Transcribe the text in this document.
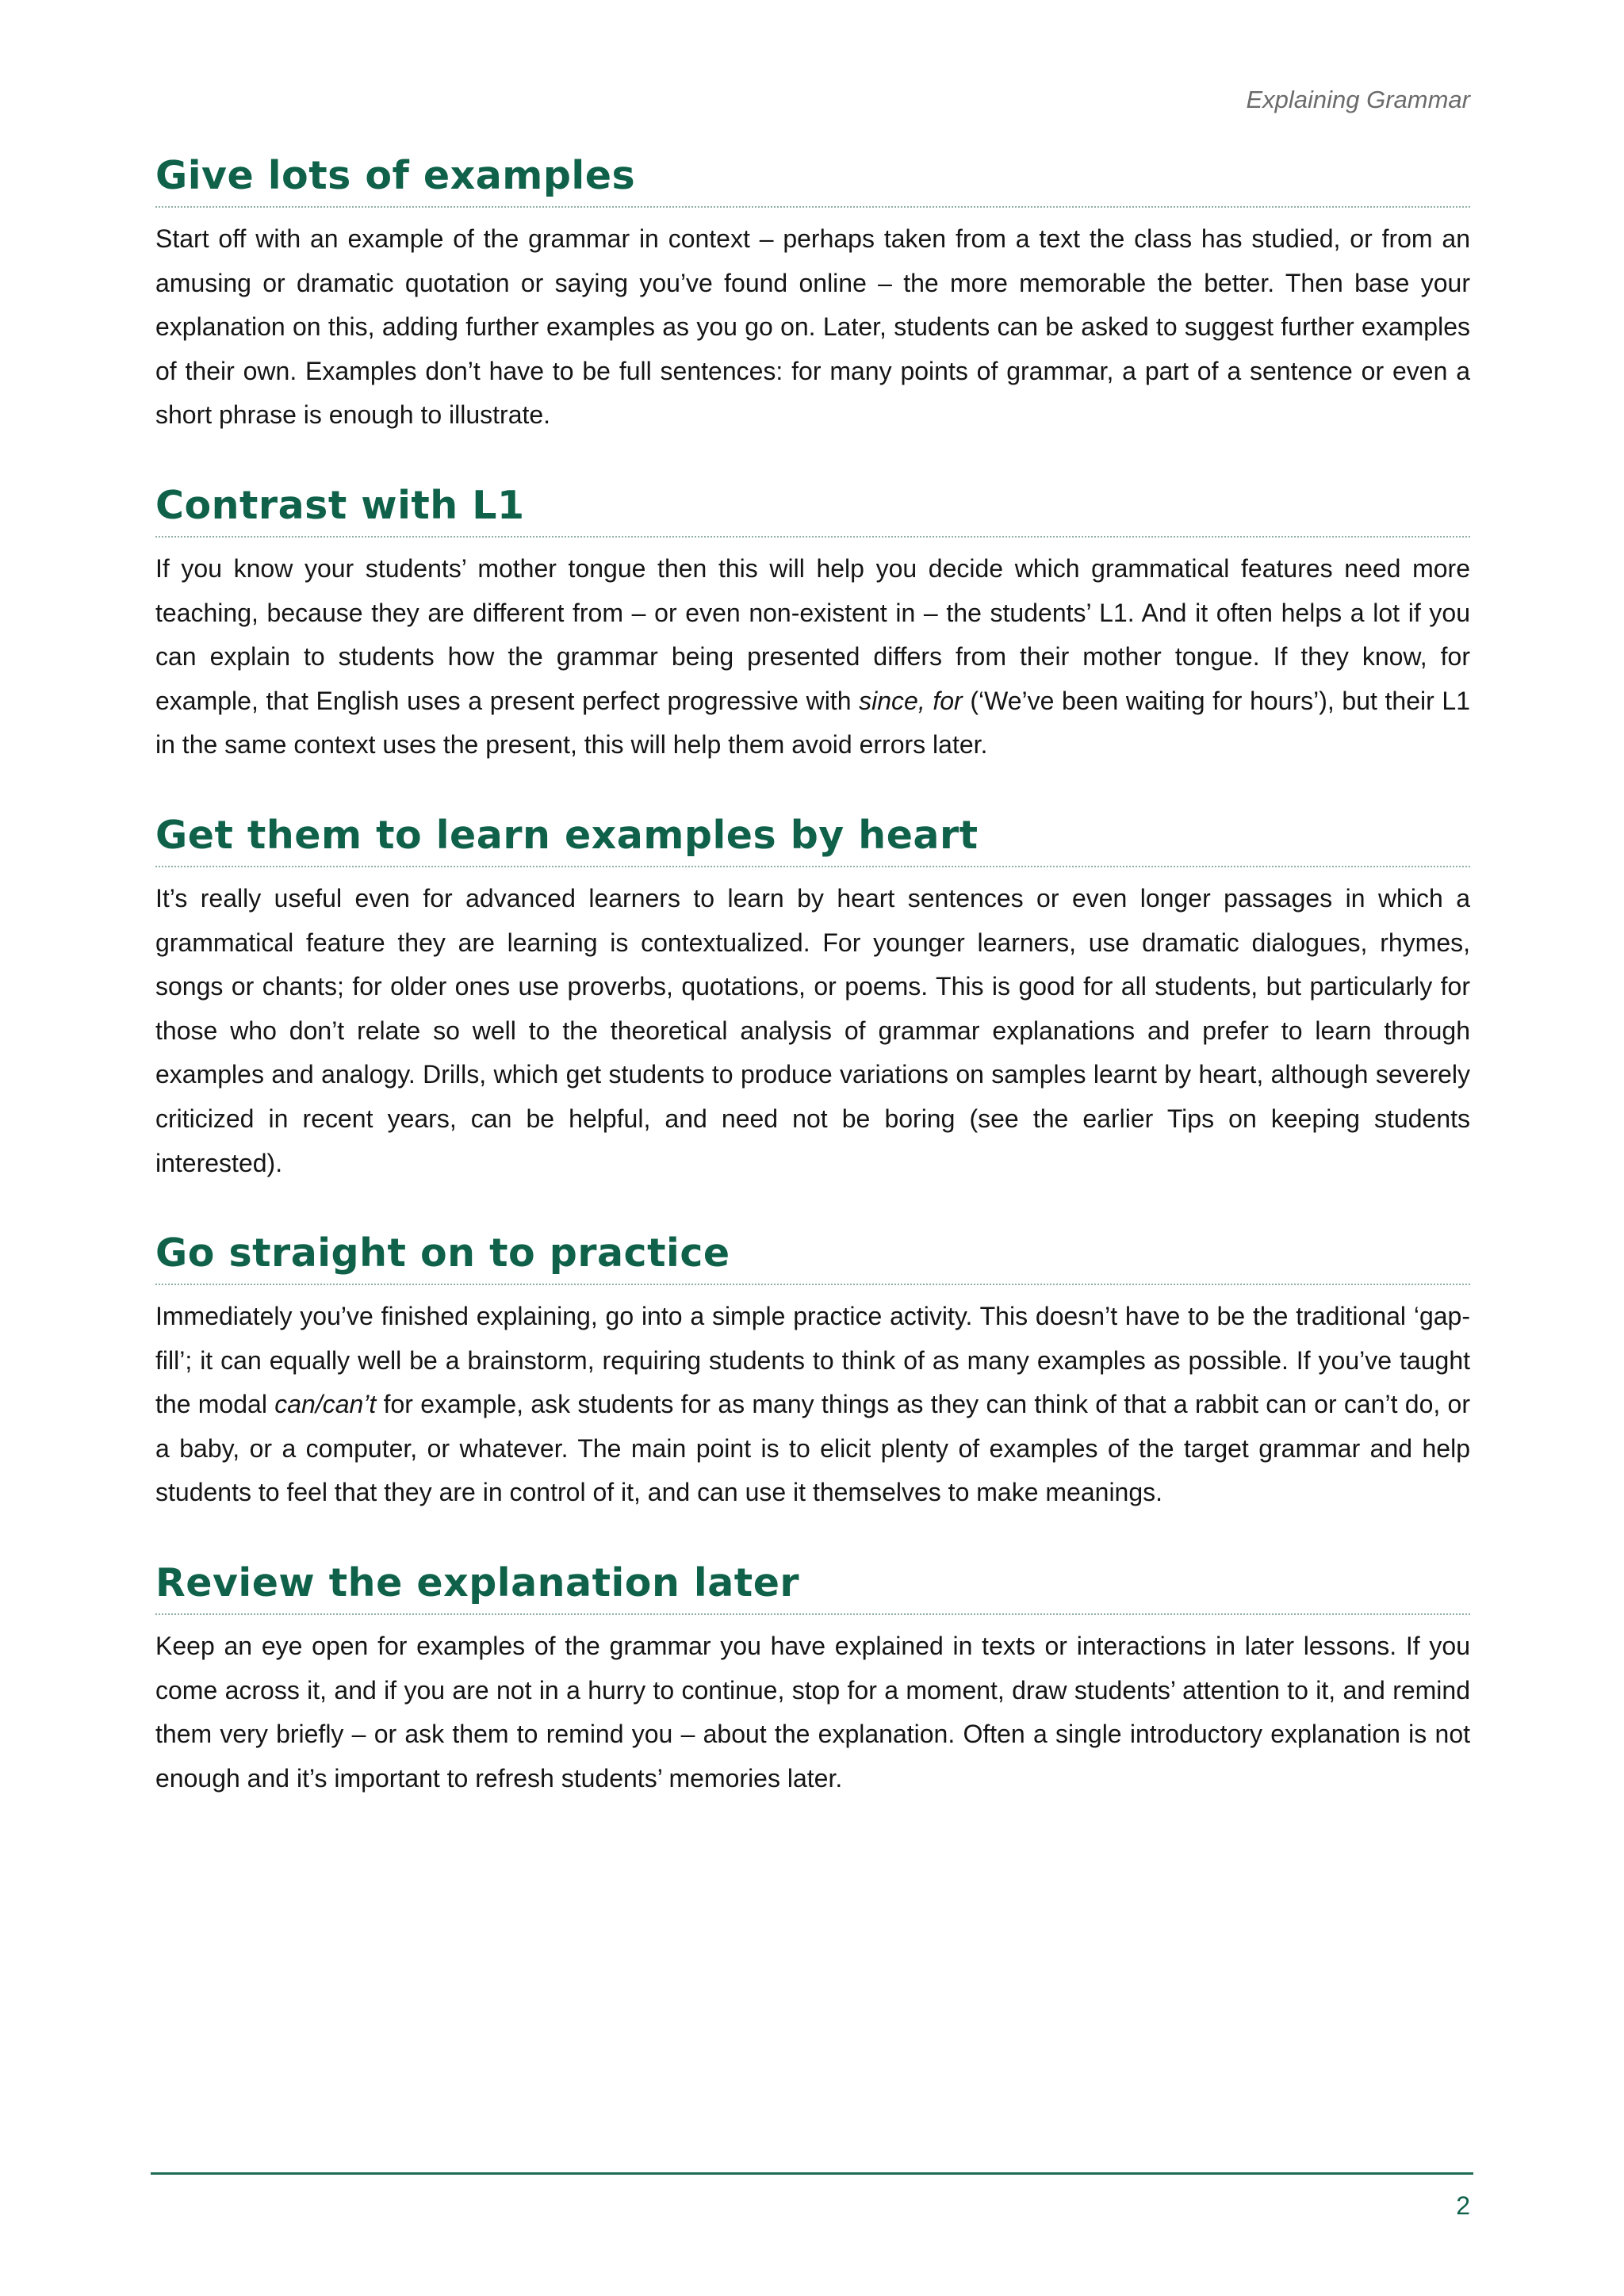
Explaining Grammar
Give lots of examples

Start off with an example of the grammar in context – perhaps taken from a text the class has studied, or from an amusing or dramatic quotation or saying you’ve found online – the more memorable the better. Then base your explanation on this, adding further examples as you go on. Later, students can be asked to suggest further examples of their own. Examples don’t have to be full sentences: for many points of grammar, a part of a sentence or even a short phrase is enough to illustrate.

Contrast with L1

If you know your students’ mother tongue then this will help you decide which grammatical features need more teaching, because they are different from – or even non-existent in – the students’ L1. And it often helps a lot if you can explain to students how the grammar being presented differs from their mother tongue. If they know, for example, that English uses a present perfect progressive with since, for (‘We’ve been waiting for hours’), but their L1 in the same context uses the present, this will help them avoid errors later.

Get them to learn examples by heart

It’s really useful even for advanced learners to learn by heart sentences or even longer passages in which a grammatical feature they are learning is contextualized. For younger learners, use dramatic dialogues, rhymes, songs or chants; for older ones use proverbs, quotations, or poems. This is good for all students, but particularly for those who don’t relate so well to the theoretical analysis of grammar explanations and prefer to learn through examples and analogy. Drills, which get students to produce variations on samples learnt by heart, although severely criticized in recent years, can be helpful, and need not be boring (see the earlier Tips on keeping students interested).

Go straight on to practice

Immediately you’ve finished explaining, go into a simple practice activity. This doesn’t have to be the traditional ‘gap-fill’; it can equally well be a brainstorm, requiring students to think of as many examples as possible. If you’ve taught the modal can/can’t for example, ask students for as many things as they can think of that a rabbit can or can’t do, or a baby, or a computer, or whatever. The main point is to elicit plenty of examples of the target grammar and help students to feel that they are in control of it, and can use it themselves to make meanings.

Review the explanation later

Keep an eye open for examples of the grammar you have explained in texts or interactions in later lessons. If you come across it, and if you are not in a hurry to continue, stop for a moment, draw students’ attention to it, and remind them very briefly – or ask them to remind you – about the explanation. Often a single introductory explanation is not enough and it’s important to refresh students’ memories later.

2
